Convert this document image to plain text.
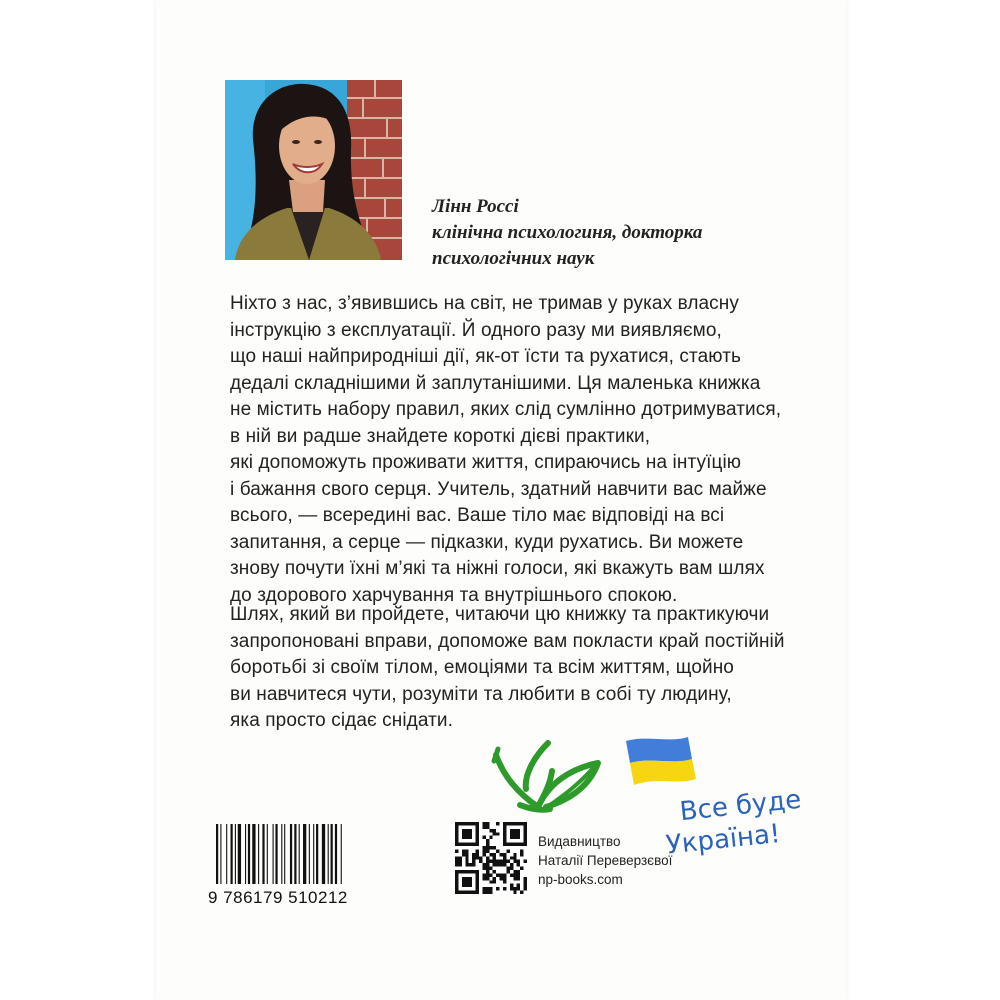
Лінн Россі
клінічна психологиня, докторка
психологічних наук
Ніхто з нас, з’явившись на світ, не тримав у руках власну
інструкцію з експлуатації. Й одного разу ми виявляємо,
що наші найприродніші дії, як-от їсти та рухатися, стають
дедалі складнішими й заплутанішими. Ця маленька книжка
не містить набору правил, яких слід сумлінно дотримуватися,
в ній ви радше знайдете короткі дієві практики,
які допоможуть проживати життя, спираючись на інтуїцію
і бажання свого серця. Учитель, здатний навчити вас майже
всього, — всередині вас. Ваше тіло має відповіді на всі
запитання, а серце — підказки, куди рухатись. Ви можете
знову почути їхні м’які та ніжні голоси, які вкажуть вам шлях
до здорового харчування та внутрішнього спокою.
Шлях, який ви пройдете, читаючи цю книжку та практикуючи
запропоновані вправи, допоможе вам покласти край постійній
боротьбі зі своїм тілом, емоціями та всім життям, щойно
ви навчитеся чути, розуміти та любити в собі ту людину,
яка просто сідає снідати.
Все буде
Україна!
9 786179 510212
Видавництво
Наталії Переверзєвої
np-books.com
